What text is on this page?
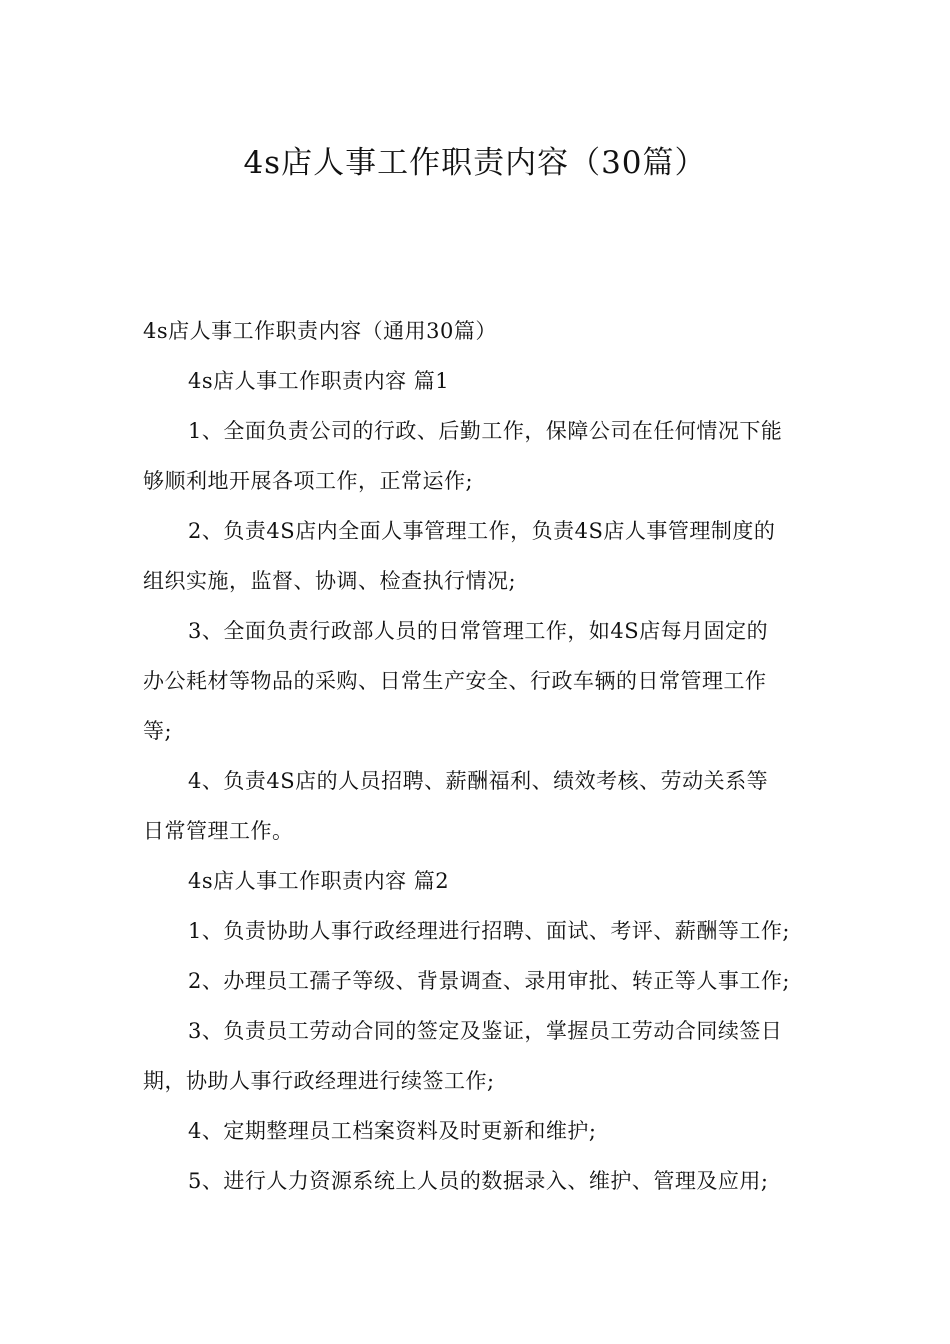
4s店人事工作职责内容（30篇）
4s店人事工作职责内容（通用30篇）
4s店人事工作职责内容 篇1
1、全面负责公司的行政、后勤工作，保障公司在任何情况下能
够顺利地开展各项工作，正常运作;
2、负责4S店内全面人事管理工作，负责4S店人事管理制度的
组织实施，监督、协调、检查执行情况;
3、全面负责行政部人员的日常管理工作，如4S店每月固定的
办公耗材等物品的采购、日常生产安全、行政车辆的日常管理工作
等;
4、负责4S店的人员招聘、薪酬福利、绩效考核、劳动关系等
日常管理工作。
4s店人事工作职责内容 篇2
1、负责协助人事行政经理进行招聘、面试、考评、薪酬等工作;
2、办理员工孺子等级、背景调查、录用审批、转正等人事工作;
3、负责员工劳动合同的签定及鉴证，掌握员工劳动合同续签日
期，协助人事行政经理进行续签工作;
4、定期整理员工档案资料及时更新和维护;
5、进行人力资源系统上人员的数据录入、维护、管理及应用;
